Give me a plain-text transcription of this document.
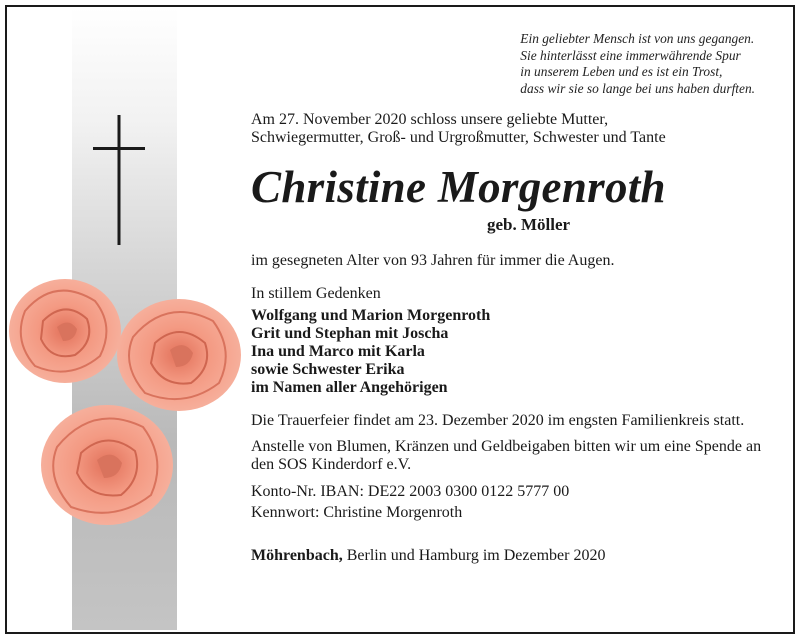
Ein geliebter Mensch ist von uns gegangen.
Sie hinterlässt eine immerwährende Spur
in unserem Leben und es ist ein Trost,
dass wir sie so lange bei uns haben durften.
Am 27. November 2020 schloss unsere geliebte Mutter,
Schwiegermutter, Groß- und Urgroßmutter, Schwester und Tante
Christine Morgenroth
geb. Möller
im gesegneten Alter von 93 Jahren für immer die Augen.
In stillem Gedenken
Wolfgang und Marion Morgenroth
Grit und Stephan mit Joscha
Ina und Marco mit Karla
sowie Schwester Erika
im Namen aller Angehörigen
Die Trauerfeier findet am 23. Dezember 2020 im engsten Familienkreis statt.
Anstelle von Blumen, Kränzen und Geldbeigaben bitten wir um eine Spende an den SOS Kinderdorf e.V.
Konto-Nr. IBAN: DE22 2003 0300 0122 5777 00
Kennwort: Christine Morgenroth
Möhrenbach, Berlin und Hamburg im Dezember 2020
